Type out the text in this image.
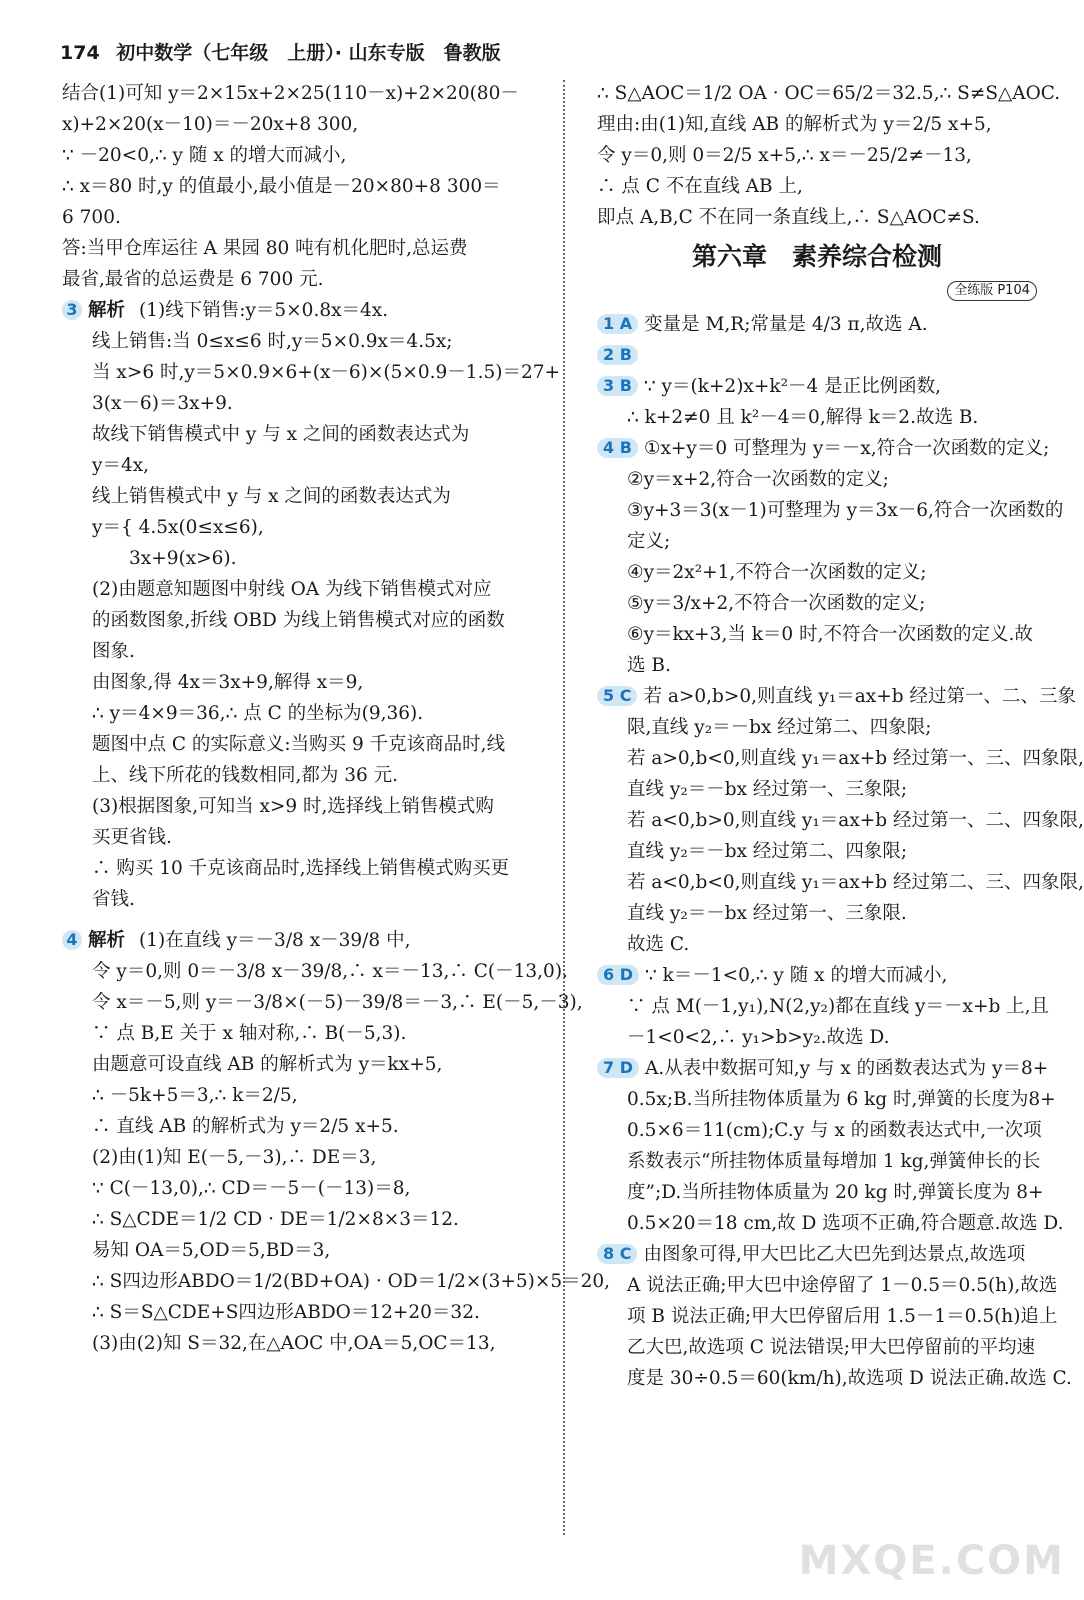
174 初中数学（七年级　上册）· 山东专版　鲁教版
结合(1)可知 y＝2×15x+2×25(110－x)+2×20(80－
x)+2×20(x－10)＝－20x+8 300,
∵ －20<0,∴ y 随 x 的增大而减小,
∴ x＝80 时,y 的值最小,最小值是－20×80+8 300＝
6 700.
答:当甲仓库运往 A 果园 80 吨有机化肥时,总运费
最省,最省的总运费是 6 700 元.
3 解析 (1)线下销售:y＝5×0.8x＝4x.
线上销售:当 0≤x≤6 时,y＝5×0.9x＝4.5x;
当 x>6 时,y＝5×0.9×6+(x－6)×(5×0.9－1.5)＝27+
3(x－6)＝3x+9.
故线下销售模式中 y 与 x 之间的函数表达式为
y＝4x,
线上销售模式中 y 与 x 之间的函数表达式为
y＝{ 4.5x(0≤x≤6),
　　3x+9(x>6).
(2)由题意知题图中射线 OA 为线下销售模式对应
的函数图象,折线 OBD 为线上销售模式对应的函数
图象.
由图象,得 4x＝3x+9,解得 x＝9,
∴ y＝4×9＝36,∴ 点 C 的坐标为(9,36).
题图中点 C 的实际意义:当购买 9 千克该商品时,线
上、线下所花的钱数相同,都为 36 元.
(3)根据图象,可知当 x>9 时,选择线上销售模式购
买更省钱.
∴ 购买 10 千克该商品时,选择线上销售模式购买更
省钱.
4 解析 (1)在直线 y＝－3/8 x－39/8 中,
令 y＝0,则 0＝－3/8 x－39/8,∴ x＝－13,∴ C(－13,0).
令 x＝－5,则 y＝－3/8×(－5)－39/8＝－3,∴ E(－5,－3),
∵ 点 B,E 关于 x 轴对称,∴ B(－5,3).
由题意可设直线 AB 的解析式为 y＝kx+5,
∴ －5k+5＝3,∴ k＝2/5,
∴ 直线 AB 的解析式为 y＝2/5 x+5.
(2)由(1)知 E(－5,－3),∴ DE＝3,
∵ C(－13,0),∴ CD＝－5－(－13)＝8,
∴ S△CDE＝1/2 CD · DE＝1/2×8×3＝12.
易知 OA＝5,OD＝5,BD＝3,
∴ S四边形ABDO＝1/2(BD+OA) · OD＝1/2×(3+5)×5＝20,
∴ S＝S△CDE+S四边形ABDO＝12+20＝32.
(3)由(2)知 S＝32,在△AOC 中,OA＝5,OC＝13,
∴ S△AOC＝1/2 OA · OC＝65/2＝32.5,∴ S≠S△AOC.
理由:由(1)知,直线 AB 的解析式为 y＝2/5 x+5,
令 y＝0,则 0＝2/5 x+5,∴ x＝－25/2≠－13,
∴ 点 C 不在直线 AB 上,
即点 A,B,C 不在同一条直线上,∴ S△AOC≠S.
第六章　素养综合检测
全练版 P104
1 A 变量是 M,R;常量是 4/3 π,故选 A.
2 B
3 B ∵ y＝(k+2)x+k²－4 是正比例函数,
∴ k+2≠0 且 k²－4＝0,解得 k＝2.故选 B.
4 B ①x+y＝0 可整理为 y＝－x,符合一次函数的定义;
②y＝x+2,符合一次函数的定义;
③y+3＝3(x－1)可整理为 y＝3x－6,符合一次函数的
定义;
④y＝2x²+1,不符合一次函数的定义;
⑤y＝3/x+2,不符合一次函数的定义;
⑥y＝kx+3,当 k＝0 时,不符合一次函数的定义.故
选 B.
5 C 若 a>0,b>0,则直线 y₁＝ax+b 经过第一、二、三象
限,直线 y₂＝－bx 经过第二、四象限;
若 a>0,b<0,则直线 y₁＝ax+b 经过第一、三、四象限,
直线 y₂＝－bx 经过第一、三象限;
若 a<0,b>0,则直线 y₁＝ax+b 经过第一、二、四象限,
直线 y₂＝－bx 经过第二、四象限;
若 a<0,b<0,则直线 y₁＝ax+b 经过第二、三、四象限,
直线 y₂＝－bx 经过第一、三象限.
故选 C.
6 D ∵ k＝－1<0,∴ y 随 x 的增大而减小,
∵ 点 M(－1,y₁),N(2,y₂)都在直线 y＝－x+b 上,且
－1<0<2,∴ y₁>b>y₂.故选 D.
7 D A.从表中数据可知,y 与 x 的函数表达式为 y＝8+
0.5x;B.当所挂物体质量为 6 kg 时,弹簧的长度为8+
0.5×6＝11(cm);C.y 与 x 的函数表达式中,一次项
系数表示“所挂物体质量每增加 1 kg,弹簧伸长的长
度”;D.当所挂物体质量为 20 kg 时,弹簧长度为 8+
0.5×20＝18 cm,故 D 选项不正确,符合题意.故选 D.
8 C 由图象可得,甲大巴比乙大巴先到达景点,故选项
A 说法正确;甲大巴中途停留了 1－0.5＝0.5(h),故选
项 B 说法正确;甲大巴停留后用 1.5－1＝0.5(h)追上
乙大巴,故选项 C 说法错误;甲大巴停留前的平均速
度是 30÷0.5＝60(km/h),故选项 D 说法正确.故选 C.
MXQE.COM
